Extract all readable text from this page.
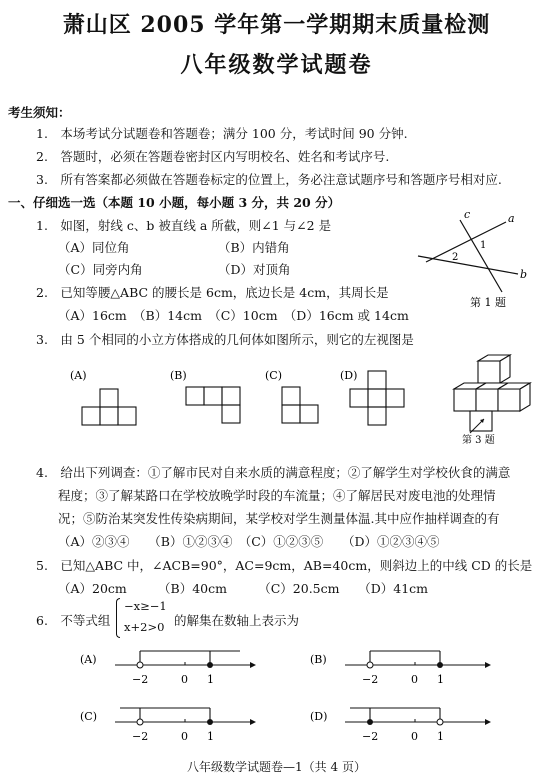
萧山区 2005 学年第一学期期末质量检测
八年级数学试题卷
考生须知：
1.　本场考试分试题卷和答题卷；满分 100 分，考试时间 90 分钟.
2.　答题时，必须在答题卷密封区内写明校名、姓名和考试序号.
3.　所有答案都必须做在答题卷标定的位置上，务必注意试题序号和答题序号相对应.
一、仔细选一选（本题 10 小题，每小题 3 分，共 20 分）
1.　如图，射线 c、b 被直线 a 所截，则∠1 与∠2 是
（A）同位角	（B）内错角
（C）同旁内角	（D）对顶角
c	a
b
1
2
第 1 题
2.　已知等腰△ABC 的腰长是 6cm，底边长是 4cm，其周长是
（A）16cm　（B）14cm　（C）10cm　（D）16cm 或 14cm
3.　由 5 个相同的小立方体搭成的几何体如图所示，则它的左视图是
(A)	(B)	(C)	(D)
第 3 题
4.　给出下列调查：①了解市民对自来水质的满意程度；②了解学生对学校伙食的满意
程度；③了解某路口在学校放晚学时段的车流量；④了解居民对废电池的处理情
况；⑤防治某突发性传染病期间，某学校对学生测量体温.其中应作抽样调查的有
（A）②③④　　（B）①②③④　（C）①②③⑤　　（D）①②③④⑤
5.　已知△ABC 中，∠ACB=90°，AC=9cm，AB=40cm，则斜边上的中线 CD 的长是
（A）20cm　　　（B）40cm　　　（C）20.5cm　　（D）41cm
6.　不等式组
−x≥−1
x+2>0 的解集在数轴上表示为
(A)
−2	0 1
(B)
−2	0 1
(C)
−2	0 1
(D)
−2	0 1
八年级数学试题卷—1（共 4 页）
